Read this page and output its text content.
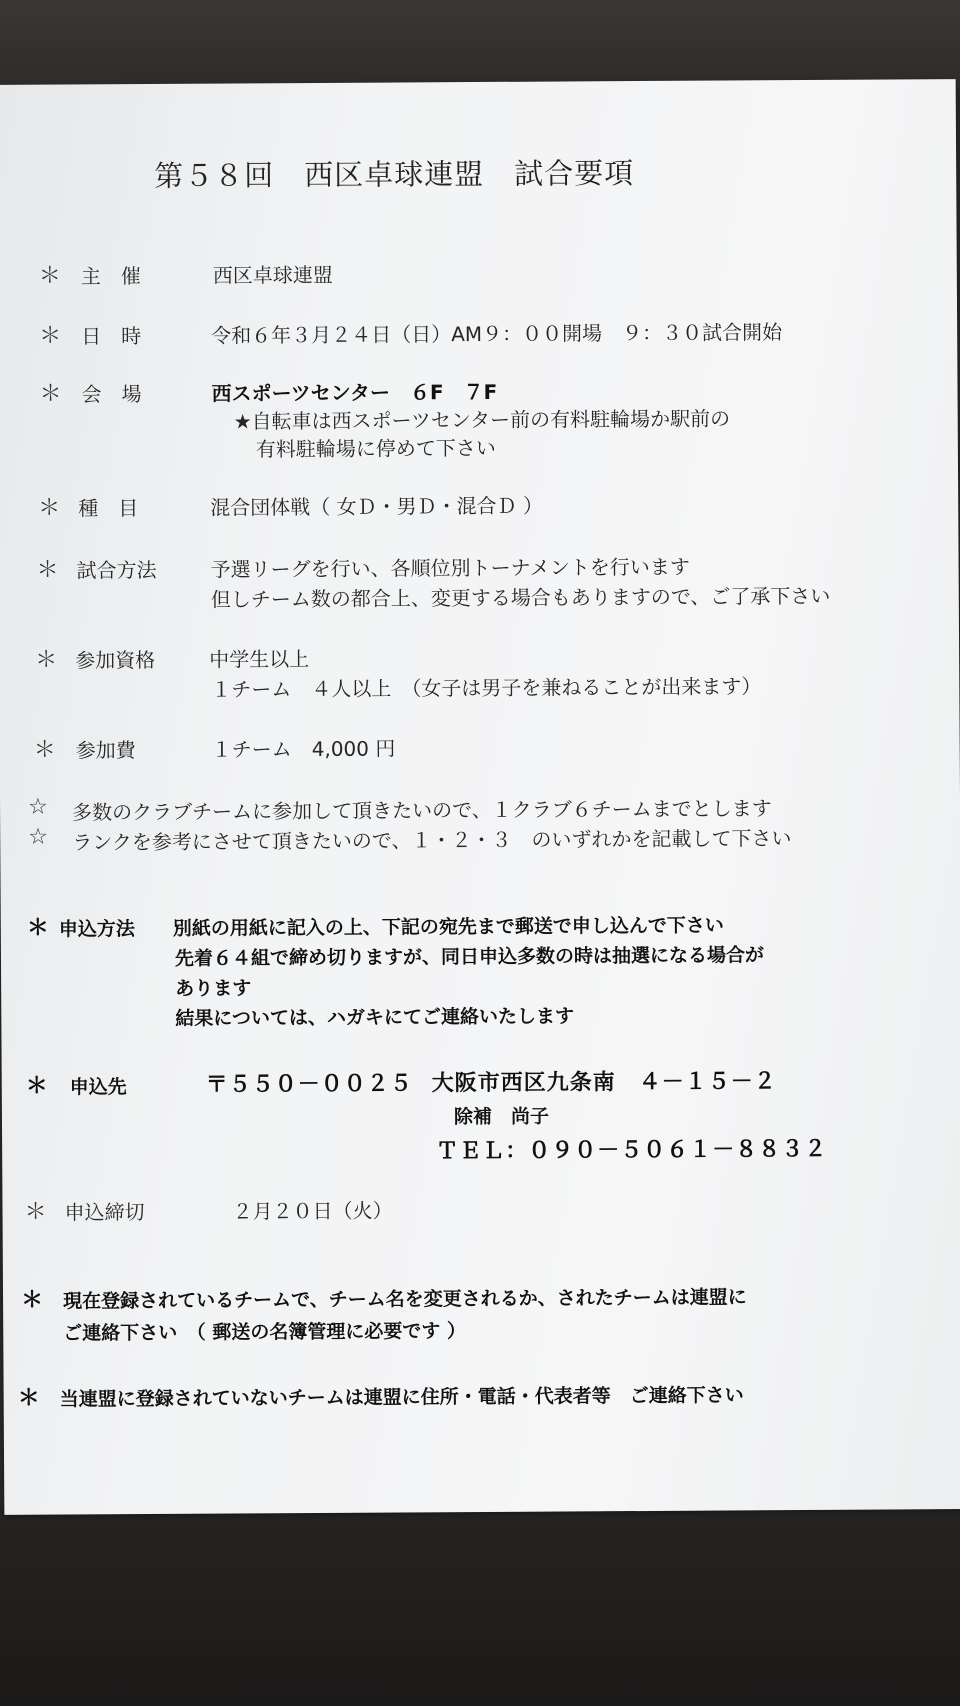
第５８回　西区卓球連盟　試合要項
＊ 主　催	西区卓球連盟
＊ 日　時	令和６年３月２４日（日）AM９：００開場　９：３０試合開始
＊ 会　場	西スポーツセンター　６F　７F
★自転車は西スポーツセンター前の有料駐輪場か駅前の
有料駐輪場に停めて下さい
＊ 種　目	混合団体戦（ 女Ｄ・男Ｄ・混合Ｄ ）
＊ 試合方法	予選リーグを行い、各順位別トーナメントを行います
但しチーム数の都合上、変更する場合もありますので、ご了承下さい
＊ 参加資格	中学生以上
１チーム　４人以上　（女子は男子を兼ねることが出来ます）
＊ 参加費	１チーム　4,000 円
☆ 多数のクラブチームに参加して頂きたいので、１クラブ６チームまでとします
☆ ランクを参考にさせて頂きたいので、１・２・３　のいずれかを記載して下さい
＊ 申込方法 別紙の用紙に記入の上、下記の宛先まで郵送で申し込んで下さい
先着６４組で締め切りますが、同日申込多数の時は抽選になる場合が
あります
結果については、ハガキにてご連絡いたします
＊ 申込先	〒５５０－００２５ 大阪市西区九条南　４－１５－２
除補　尚子
ＴＥＬ：０９０－５０６１－８８３２
＊ 申込締切	２月２０日（火）
＊ 現在登録されているチームで、チーム名を変更されるか、されたチームは連盟に
ご連絡下さい　（ 郵送の名簿管理に必要です ）
＊ 当連盟に登録されていないチームは連盟に住所・電話・代表者等　ご連絡下さい
